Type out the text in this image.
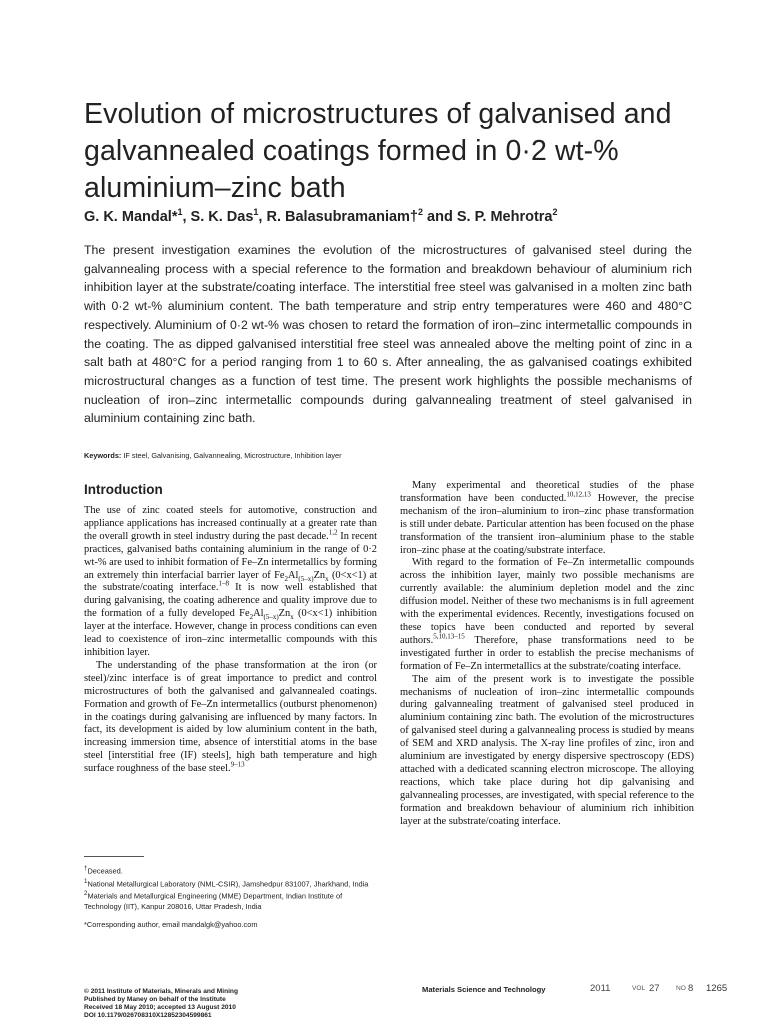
Evolution of microstructures of galvanised and galvannealed coatings formed in 0·2 wt-% aluminium–zinc bath
G. K. Mandal*$^1$, S. K. Das$^1$, R. Balasubramaniam†$^2$ and S. P. Mehrotra$^2$
The present investigation examines the evolution of the microstructures of galvanised steel during the galvannealing process with a special reference to the formation and breakdown behaviour of aluminium rich inhibition layer at the substrate/coating interface. The interstitial free steel was galvanised in a molten zinc bath with 0·2 wt-% aluminium content. The bath temperature and strip entry temperatures were 460 and 480°C respectively. Aluminium of 0·2 wt-% was chosen to retard the formation of iron–zinc intermetallic compounds in the coating. The as dipped galvanised interstitial free steel was annealed above the melting point of zinc in a salt bath at 480°C for a period ranging from 1 to 60 s. After annealing, the as galvanised coatings exhibited microstructural changes as a function of test time. The present work highlights the possible mechanisms of nucleation of iron–zinc intermetallic compounds during galvannealing treatment of steel galvanised in aluminium containing zinc bath.
Keywords: IF steel, Galvanising, Galvannealing, Microstructure, Inhibition layer
Introduction

The use of zinc coated steels for automotive, construction and appliance applications has increased continually at a greater rate than the overall growth in steel industry during the past decade.$^{1,2}$ In recent practices, galvanised baths containing aluminium in the range of 0·2 wt-% are used to inhibit formation of Fe–Zn intermetallics by forming an extremely thin interfacial barrier layer of $Fe_2Al_{(5-x)}Zn_x$ (0<x<1) at the substrate/coating interface.$^{1-8}$ It is now well established that during galvanising, the coating adherence and quality improve due to the formation of a fully developed $Fe_2Al_{(5-x)}Zn_x$ (0<x<1) inhibition layer at the interface. However, change in process conditions can even lead to coexistence of iron–zinc intermetallic compounds with this inhibition layer.

The understanding of the phase transformation at the iron (or steel)/zinc interface is of great importance to predict and control microstructures of both the galvanised and galvannealed coatings. Formation and growth of Fe–Zn intermetallics (outburst phenomenon) in the coatings during galvanising are influenced by many factors. In fact, its development is aided by low aluminium content in the bath, increasing immersion time, absence of interstitial atoms in the base steel [interstitial free (IF) steels], high bath temperature and high surface roughness of the base steel.$^{9-13}$

Many experimental and theoretical studies of the phase transformation have been conducted.$^{10,12,13}$ However, the precise mechanism of the iron–aluminium to iron–zinc phase transformation is still under debate. Particular attention has been focused on the phase transformation of the transient iron–aluminium phase to the stable iron–zinc phase at the coating/substrate interface.

With regard to the formation of Fe–Zn intermetallic compounds across the inhibition layer, mainly two possible mechanisms are currently available: the aluminium depletion model and the zinc diffusion model. Neither of these two mechanisms is in full agreement with the experimental evidences. Recently, investigations focused on these topics have been conducted and reported by several authors.$^{5,10,13-15}$ Therefore, phase transformations need to be investigated further in order to establish the precise mechanisms of formation of Fe–Zn intermetallics at the substrate/coating interface.

The aim of the present work is to investigate the possible mechanisms of nucleation of iron–zinc intermetallic compounds during galvannealing treatment of galvanised steel produced in aluminium containing zinc bath. The evolution of the microstructures of galvanised steel during a galvannealing process is studied by means of SEM and XRD analysis. The X-ray line profiles of zinc, iron and aluminium are investigated by energy dispersive spectroscopy (EDS) attached with a dedicated scanning electron microscope. The alloying reactions, which take place during hot dip galvanising and galvannealing processes, are investigated, with special reference to the formation and breakdown behaviour of aluminium rich inhibition layer at the substrate/coating interface.

†Deceased.

$^1$National Metallurgical Laboratory (NML-CSIR), Jamshedpur 831007, Jharkhand, India

$^2$Materials and Metallurgical Engineering (MME) Department, Indian Institute of Technology (IIT), Kanpur 208016, Uttar Pradesh, India

*Corresponding author, email mandalgk@yahoo.com

© 2011 Institute of Materials, Minerals and Mining

Published by Maney on behalf of the Institute

Received 18 May 2010; accepted 13 August 2010

DOI 10.1179/026708310X12852304599861

Materials Science and Technology	2011	VOL 27 NO 8 1265
